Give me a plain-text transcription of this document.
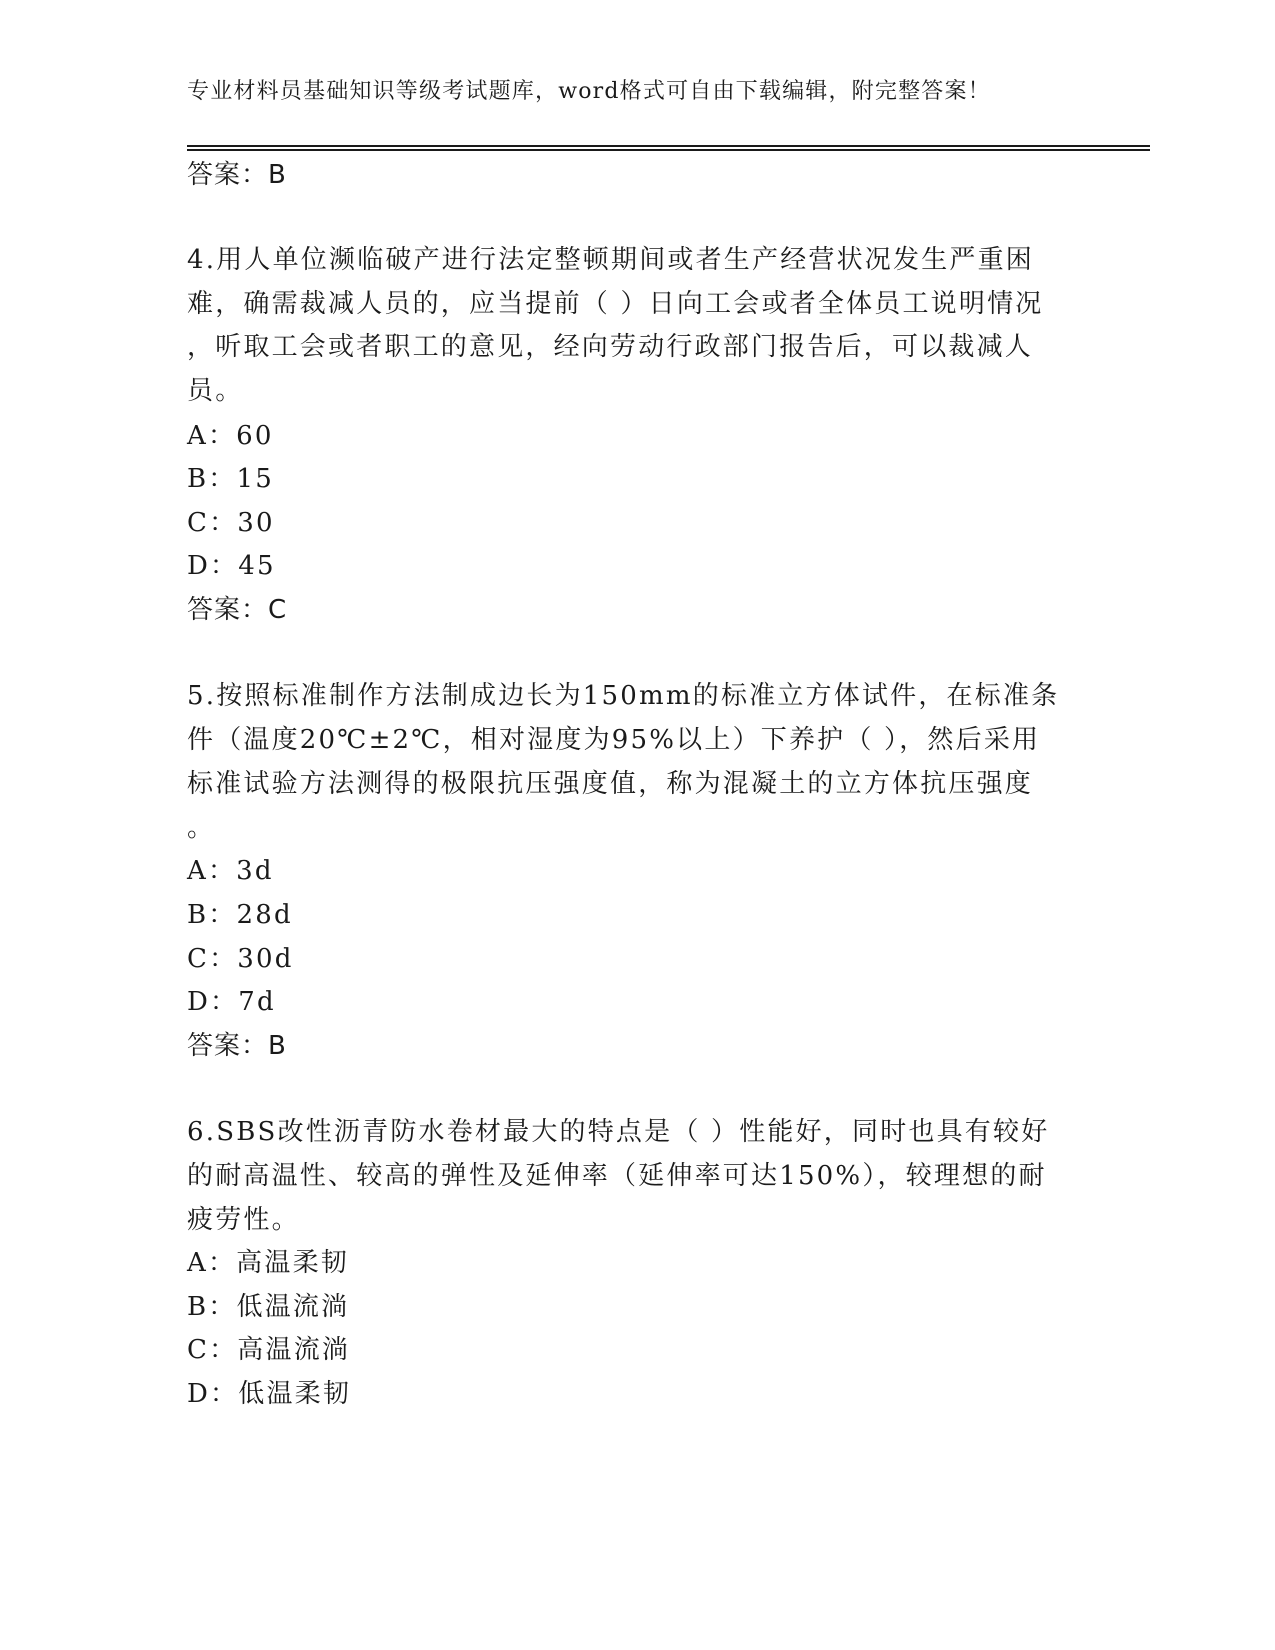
专业材料员基础知识等级考试题库，word格式可自由下载编辑，附完整答案！
答案：B
4.用人单位濒临破产进行法定整顿期间或者生产经营状况发生严重困
难，确需裁减人员的，应当提前（ ）日向工会或者全体员工说明情况
，听取工会或者职工的意见，经向劳动行政部门报告后，可以裁减人
员。
A：60
B：15
C：30
D：45
答案：C
5.按照标准制作方法制成边长为150mm的标准立方体试件，在标准条
件（温度20℃±2℃，相对湿度为95%以上）下养护（ ），然后采用
标准试验方法测得的极限抗压强度值，称为混凝土的立方体抗压强度
。
A：3d
B：28d
C：30d
D：7d
答案：B
6.SBS改性沥青防水卷材最大的特点是（ ）性能好，同时也具有较好
的耐高温性、较高的弹性及延伸率（延伸率可达150%），较理想的耐
疲劳性。
A：高温柔韧
B：低温流淌
C：高温流淌
D：低温柔韧
